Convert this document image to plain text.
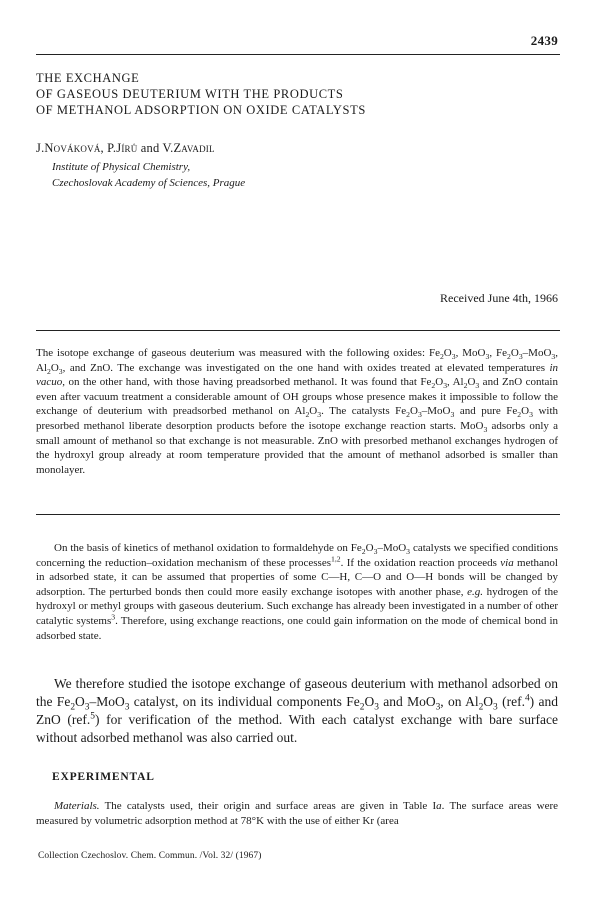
2439
THE EXCHANGE
OF GASEOUS DEUTERIUM WITH THE PRODUCTS
OF METHANOL ADSORPTION ON OXIDE CATALYSTS
J.Nováková, P.Jírů and V.Zavadil
Institute of Physical Chemistry,
Czechoslovak Academy of Sciences, Prague
Received June 4th, 1966
The isotope exchange of gaseous deuterium was measured with the following oxides: $Fe_2O_3$, MoO$_3$, $Fe_2O_3-MoO_3$, $Al_2O_3$, and ZnO. The exchange was investigated on the one hand with oxides treated at elevated temperatures in vacuo, on the other hand, with those having preadsorbed methanol. It was found that $Fe_2O_3$, $Al_2O_3$ and ZnO contain even after vacuum treatment a considerable amount of OH groups whose presence makes it impossible to follow the exchange of deuterium with preadsorbed methanol on $Al_2O_3$. The catalysts $Fe_2O_3-MoO_3$ and pure $Fe_2O_3$ with presorbed methanol liberate desorption products before the isotope exchange reaction starts. MoO$_3$ adsorbs only a small amount of methanol so that exchange is not measurable. ZnO with presorbed methanol exchanges hydrogen of the hydroxyl group already at room temperature provided that the amount of methanol adsorbed is smaller than monolayer.
On the basis of kinetics of methanol oxidation to formaldehyde on $Fe_2O_3-MoO_3$ catalysts we specified conditions concerning the reduction–oxidation mechanism of these processes$^{1,2}$. If the oxidation reaction proceeds via methanol in adsorbed state, it can be assumed that properties of some C—H, C—O and O—H bonds will be changed by adsorption. The perturbed bonds then could more easily exchange isotopes with another phase, e.g. hydrogen of the hydroxyl or methyl groups with gaseous deuterium. Such exchange has already been investigated in a number of other catalytic systems$^3$. Therefore, using exchange reactions, one could gain information on the mode of chemical bond in adsorbed state.
We therefore studied the isotope exchange of gaseous deuterium with methanol adsorbed on the $Fe_2O_3-MoO_3$ catalyst, on its individual components $Fe_2O_3$ and MoO$_3$, on $Al_2O_3$ (ref.$^4$) and ZnO (ref.$^5$) for verification of the method. With each catalyst exchange with bare surface without adsorbed methanol was also carried out.
EXPERIMENTAL
Materials. The catalysts used, their origin and surface areas are given in Table Ia. The surface areas were measured by volumetric adsorption method at 78°K with the use of either Kr (area
Collection Czechoslov. Chem. Commun. /Vol. 32/ (1967)
